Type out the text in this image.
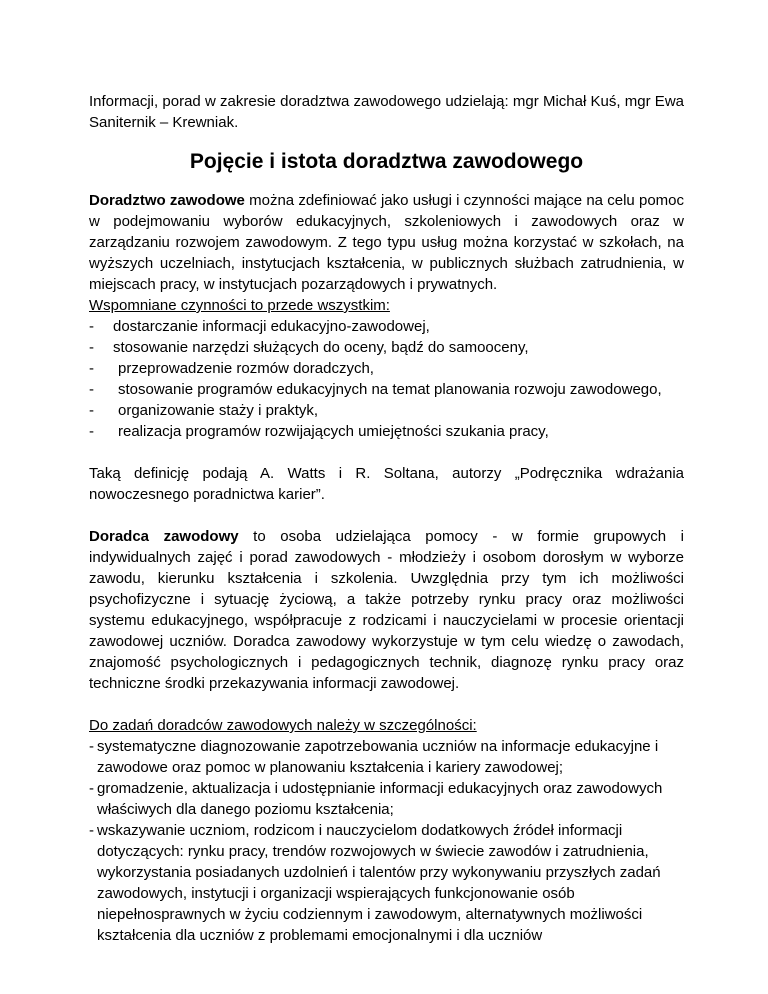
Informacji, porad w zakresie doradztwa zawodowego udzielają: mgr Michał Kuś, mgr Ewa Saniternik – Krewniak.

Pojęcie i istota doradztwa zawodowego

Doradztwo zawodowe można zdefiniować jako usługi i czynności mające na celu pomoc w podejmowaniu wyborów edukacyjnych, szkoleniowych i zawodowych oraz w zarządzaniu rozwojem zawodowym. Z tego typu usług można korzystać w szkołach, na wyższych uczelniach, instytucjach kształcenia, w publicznych służbach zatrudnienia, w miejscach pracy, w instytucjach pozarządowych i prywatnych.

Wspomniane czynności to przede wszystkim:

- dostarczanie informacji edukacyjno-zawodowej,
- stosowanie narzędzi służących do oceny, bądź do samooceny,
- przeprowadzenie rozmów doradczych,
- stosowanie programów edukacyjnych na temat planowania rozwoju zawodowego,
- organizowanie staży i praktyk,
- realizacja programów rozwijających umiejętności szukania pracy,

Taką definicję podają A. Watts i R. Soltana, autorzy „Podręcznika wdrażania nowoczesnego poradnictwa karier”.

Doradca zawodowy to osoba udzielająca pomocy - w formie grupowych i indywidualnych zajęć i porad zawodowych - młodzieży i osobom dorosłym w wyborze zawodu, kierunku kształcenia i szkolenia. Uwzględnia przy tym ich możliwości psychofizyczne i sytuację życiową, a także potrzeby rynku pracy oraz możliwości systemu edukacyjnego, współpracuje z rodzicami i nauczycielami w procesie orientacji zawodowej uczniów. Doradca zawodowy wykorzystuje w tym celu wiedzę o zawodach, znajomość psychologicznych i pedagogicznych technik, diagnozę rynku pracy oraz techniczne środki przekazywania informacji zawodowej.

Do zadań doradców zawodowych należy w szczególności:

- systematyczne diagnozowanie zapotrzebowania uczniów na informacje edukacyjne i zawodowe oraz pomoc w planowaniu kształcenia i kariery zawodowej;
- gromadzenie, aktualizacja i udostępnianie informacji edukacyjnych oraz zawodowych właściwych dla danego poziomu kształcenia;
- wskazywanie uczniom, rodzicom i nauczycielom dodatkowych źródeł informacji dotyczących: rynku pracy, trendów rozwojowych w świecie zawodów i zatrudnienia, wykorzystania posiadanych uzdolnień i talentów przy wykonywaniu przyszłych zadań zawodowych, instytucji i organizacji wspierających funkcjonowanie osób niepełnosprawnych w życiu codziennym i zawodowym, alternatywnych możliwości kształcenia dla uczniów z problemami emocjonalnymi i dla uczniów
